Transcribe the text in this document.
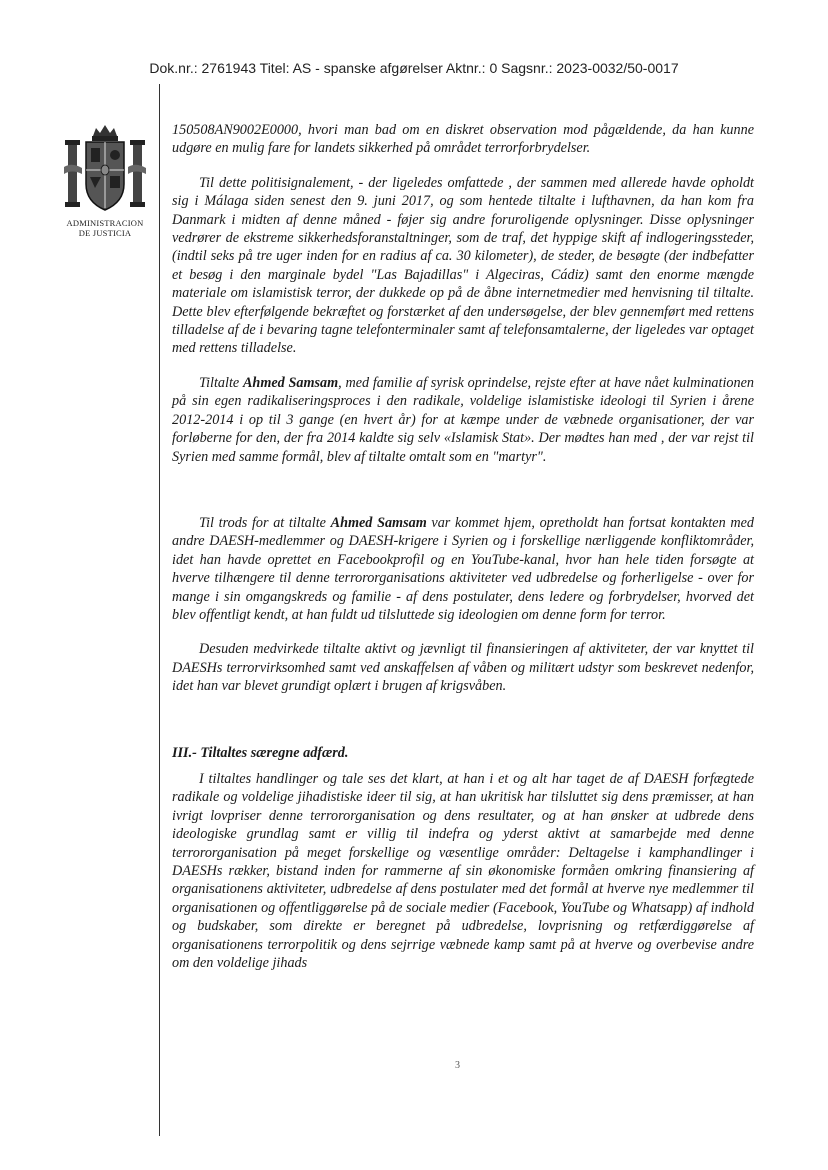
Dok.nr.: 2761943 Titel: AS - spanske afgørelser Aktnr.: 0 Sagsnr.: 2023-0032/50-0017
ADMINISTRACION
DE JUSTICIA

150508AN9002E0000, hvori man bad om en diskret observation mod pågældende, da han kunne udgøre en mulig fare for landets sikkerhed på området terrorforbrydelser.

Til dette politisignalement, - der ligeledes omfattede , der sammen med allerede havde opholdt sig i Málaga siden senest den 9. juni 2017, og som hentede tiltalte i lufthavnen, da han kom fra Danmark i midten af denne måned - føjer sig andre foruroligende oplysninger. Disse oplysninger vedrører de ekstreme sikkerhedsforanstaltninger, som de traf, det hyppige skift af indlogeringssteder, (indtil seks på tre uger inden for en radius af ca. 30 kilometer), de steder, de besøgte (der indbefatter et besøg i den marginale bydel "Las Bajadillas" i Algeciras, Cádiz) samt den enorme mængde materiale om islamistisk terror, der dukkede op på de åbne internetmedier med henvisning til tiltalte. Dette blev efterfølgende bekræftet og forstærket af den undersøgelse, der blev gennemført med rettens tilladelse af de i bevaring tagne telefonterminaler samt af telefonsamtalerne, der ligeledes var optaget med rettens tilladelse.

Tiltalte Ahmed Samsam, med familie af syrisk oprindelse, rejste efter at have nået kulminationen på sin egen radikaliseringsproces i den radikale, voldelige islamistiske ideologi til Syrien i årene 2012-2014 i op til 3 gange (en hvert år) for at kæmpe under de væbnede organisationer, der var forløberne for den, der fra 2014 kaldte sig selv «Islamisk Stat». Der mødtes han med , der var rejst til Syrien med samme formål, blev af tiltalte omtalt som en "martyr".

Til trods for at tiltalte Ahmed Samsam var kommet hjem, opretholdt han fortsat kontakten med andre DAESH-medlemmer og DAESH-krigere i Syrien og i forskellige nærliggende konfliktområder, idet han havde oprettet en Facebookprofil og en YouTube-kanal, hvor han hele tiden forsøgte at hverve tilhængere til denne terrororganisations aktiviteter ved udbredelse og forherligelse - over for mange i sin omgangskreds og familie - af dens postulater, dens ledere og forbrydelser, hvorved det blev offentligt kendt, at han fuldt ud tilsluttede sig ideologien om denne form for terror.

Desuden medvirkede tiltalte aktivt og jævnligt til finansieringen af aktiviteter, der var knyttet til DAESHs terrorvirksomhed samt ved anskaffelsen af våben og militært udstyr som beskrevet nedenfor, idet han var blevet grundigt oplært i brugen af krigsvåben.

III.- Tiltaltes særegne adfærd.

I tiltaltes handlinger og tale ses det klart, at han i et og alt har taget de af DAESH forfægtede radikale og voldelige jihadistiske ideer til sig, at han ukritisk har tilsluttet sig dens præmisser, at han ivrigt lovpriser denne terrororganisation og dens resultater, og at han ønsker at udbrede dens ideologiske grundlag samt er villig til indefra og yderst aktivt at samarbejde med denne terrororganisation på meget forskellige og væsentlige områder: Deltagelse i kamphandlinger i DAESHs rækker, bistand inden for rammerne af sin økonomiske formåen omkring finansiering af organisationens aktiviteter, udbredelse af dens postulater med det formål at hverve nye medlemmer til organisationen og offentliggørelse på de sociale medier (Facebook, YouTube og Whatsapp) af indhold og budskaber, som direkte er beregnet på udbredelse, lovprisning og retfærdiggørelse af organisationens terrorpolitik og dens sejrrige væbnede kamp samt på at hverve og overbevise andre om den voldelige jihads

3
